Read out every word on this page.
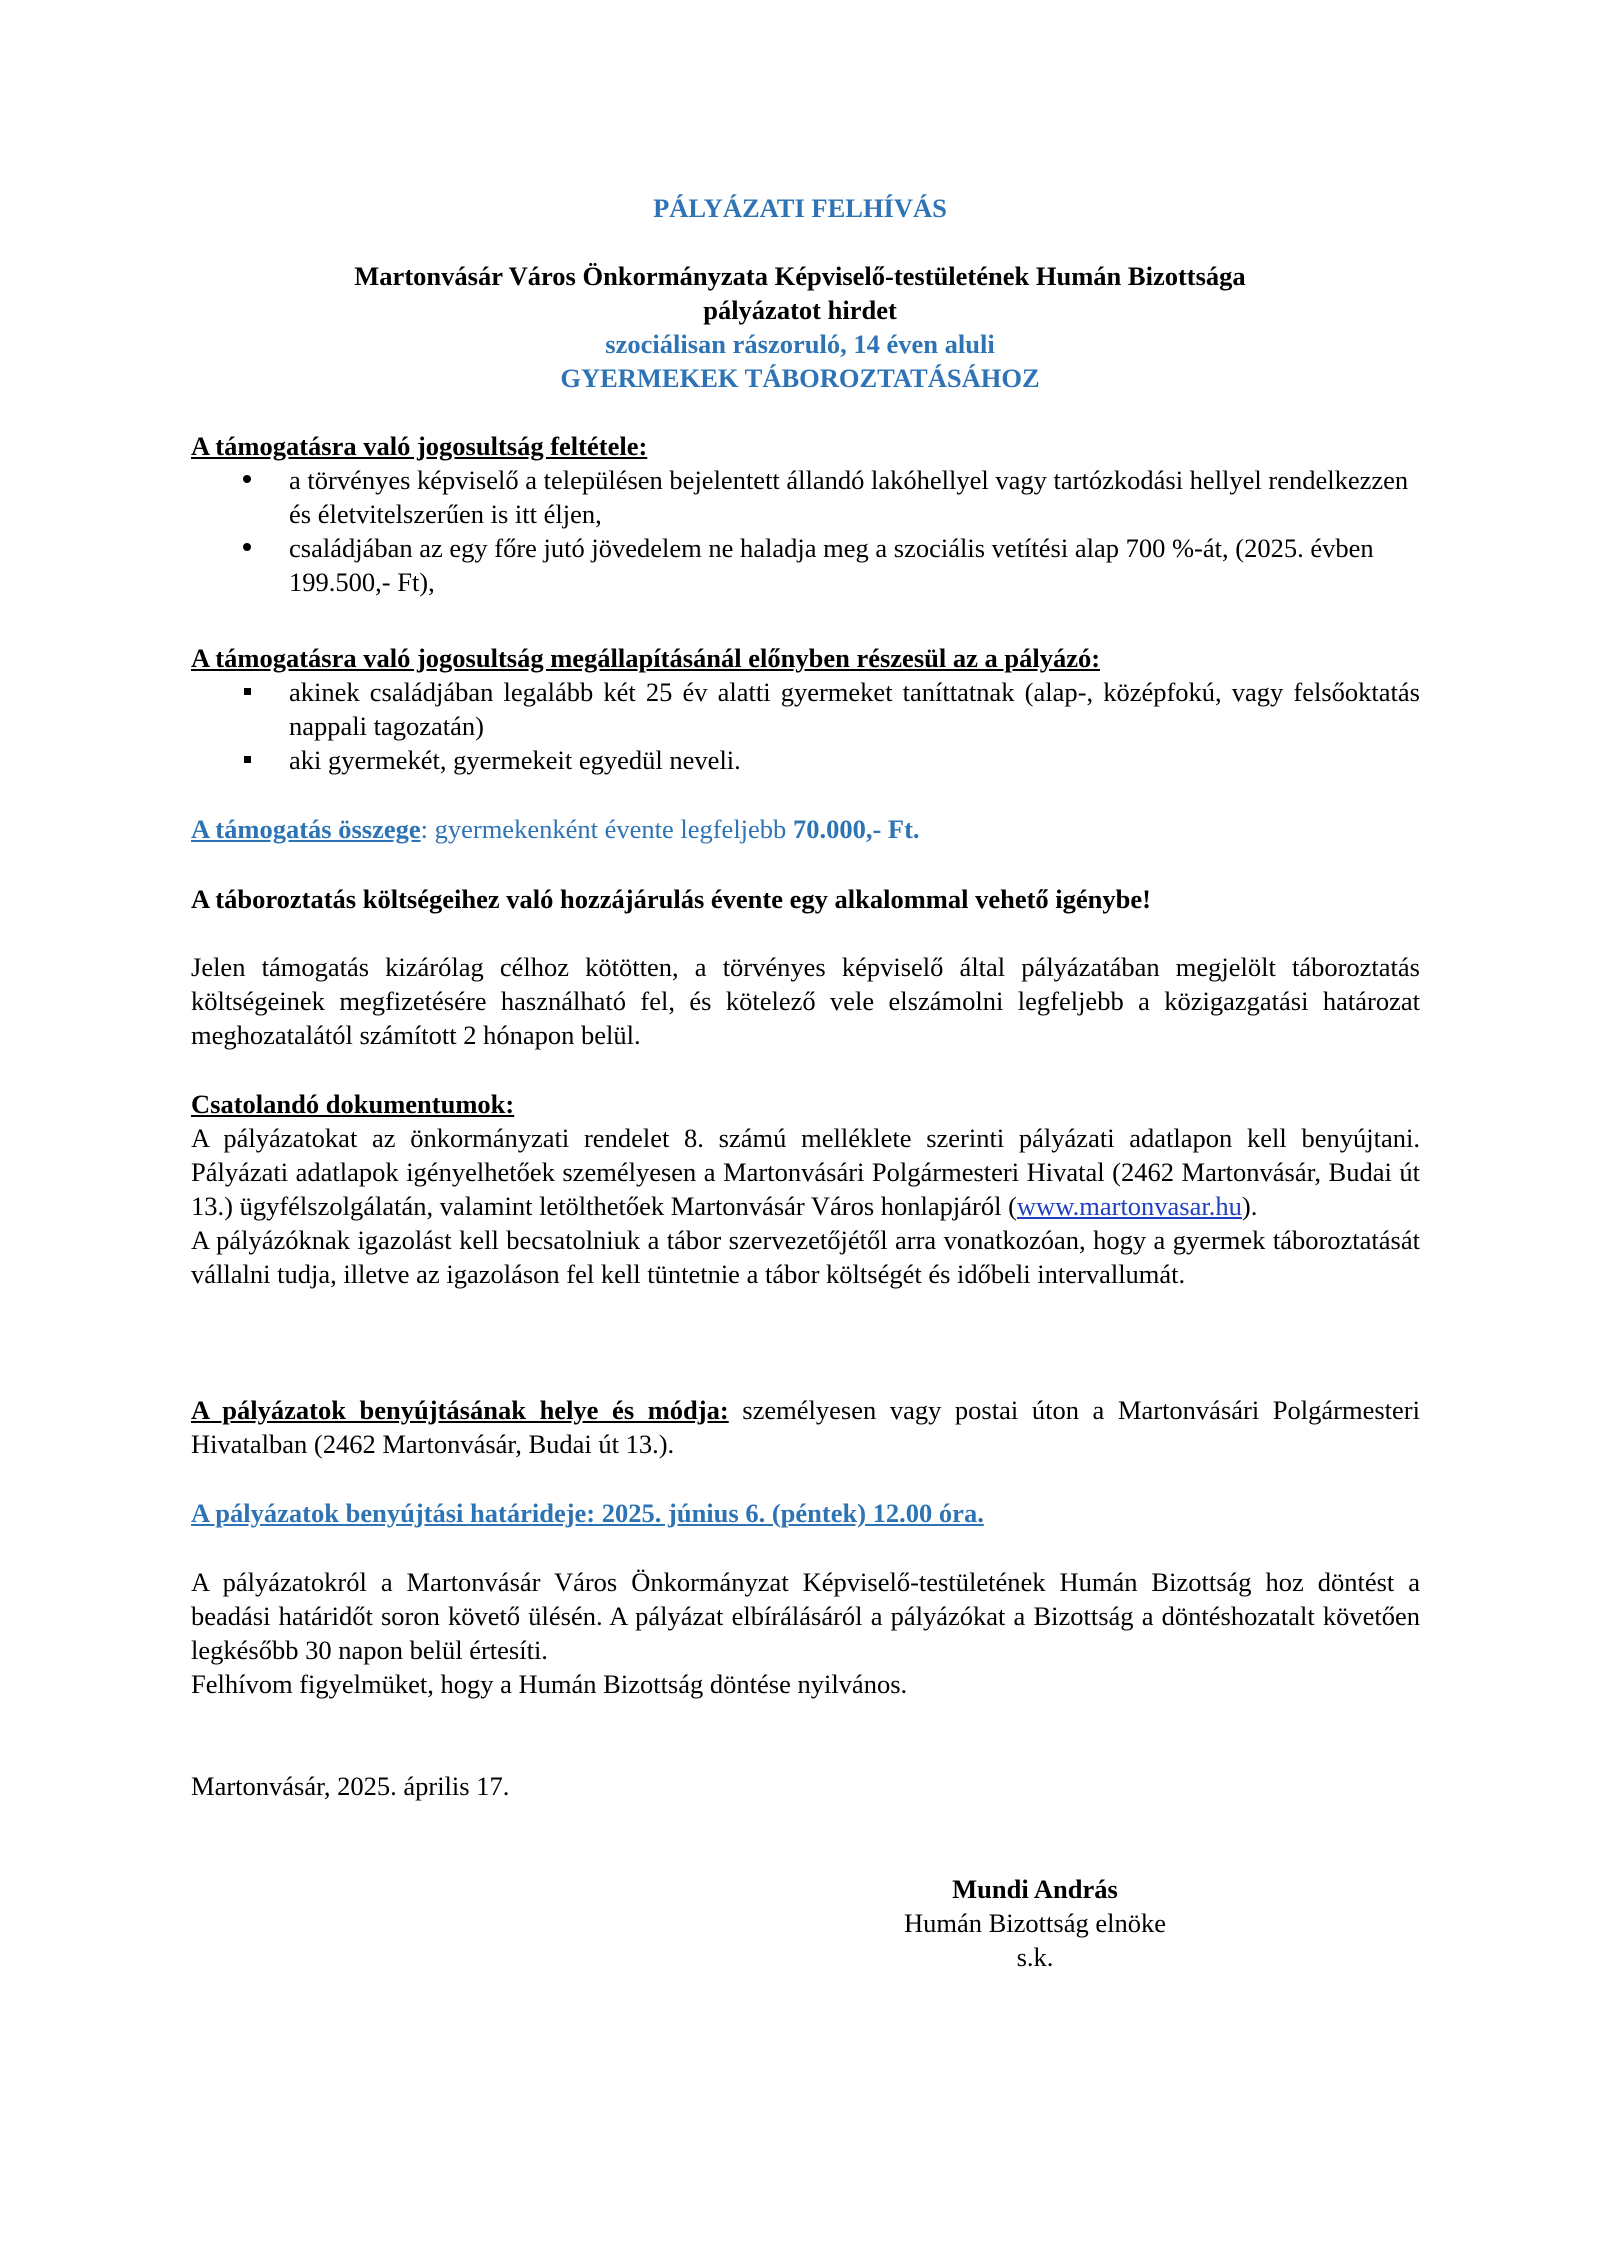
PÁLYÁZATI FELHÍVÁS
Martonvásár Város Önkormányzata Képviselő-testületének Humán Bizottsága
pályázatot hirdet
szociálisan rászoruló, 14 éven aluli
GYERMEKEK TÁBOROZTATÁSÁHOZ
A támogatásra való jogosultság feltétele:
a törvényes képviselő a településen bejelentett állandó lakóhellyel vagy tartózkodási hellyel rendelkezzen és életvitelszerűen is itt éljen,
családjában az egy főre jutó jövedelem ne haladja meg a szociális vetítési alap 700 %-át, (2025. évben 199.500,- Ft),
A támogatásra való jogosultság megállapításánál előnyben részesül az a pályázó:
akinek családjában legalább két 25 év alatti gyermeket taníttatnak (alap-, középfokú, vagy felsőoktatás nappali tagozatán)
aki gyermekét, gyermekeit egyedül neveli.
A támogatás összege: gyermekenként évente legfeljebb 70.000,- Ft.
A táboroztatás költségeihez való hozzájárulás évente egy alkalommal vehető igénybe!
Jelen támogatás kizárólag célhoz kötötten, a törvényes képviselő által pályázatában megjelölt táboroztatás költségeinek megfizetésére használható fel, és kötelező vele elszámolni legfeljebb a közigazgatási határozat meghozatalától számított 2 hónapon belül.
Csatolandó dokumentumok:
A pályázatokat az önkormányzati rendelet 8. számú melléklete szerinti pályázati adatlapon kell benyújtani. Pályázati adatlapok igényelhetőek személyesen a Martonvásári Polgármesteri Hivatal (2462 Martonvásár, Budai út 13.) ügyfélszolgálatán, valamint letölthetőek Martonvásár Város honlapjáról (www.martonvasar.hu).
A pályázóknak igazolást kell becsatolniuk a tábor szervezetőjétől arra vonatkozóan, hogy a gyermek táboroztatását vállalni tudja, illetve az igazoláson fel kell tüntetnie a tábor költségét és időbeli intervallumát.
A pályázatok benyújtásának helye és módja: személyesen vagy postai úton a Martonvásári Polgármesteri Hivatalban (2462 Martonvásár, Budai út 13.).
A pályázatok benyújtási határideje: 2025. június 6. (péntek) 12.00 óra.
A pályázatokról a Martonvásár Város Önkormányzat Képviselő-testületének Humán Bizottság hoz döntést a beadási határidőt soron követő ülésén. A pályázat elbírálásáról a pályázókat a Bizottság a döntéshozatalt követően legkésőbb 30 napon belül értesíti.
Felhívom figyelmüket, hogy a Humán Bizottság döntése nyilvános.
Martonvásár, 2025. április 17.
Mundi András
Humán Bizottság elnöke
s.k.
